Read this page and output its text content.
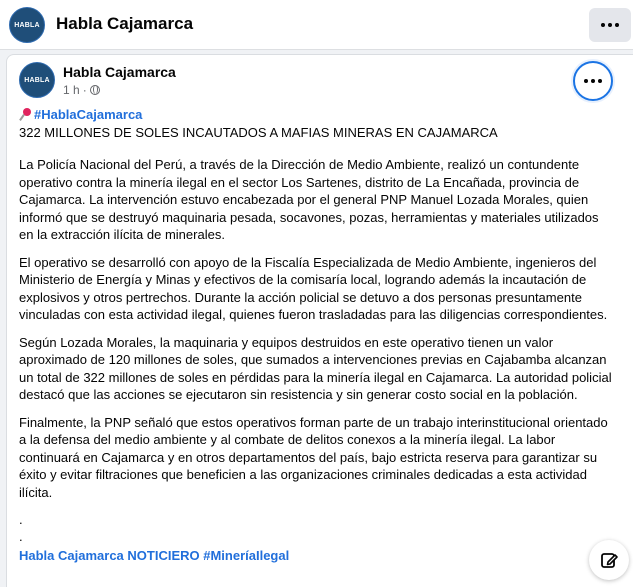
HABLA Habla Cajamarca
HABLA Habla Cajamarca
1 h ·
#HablaCajamarca

322 MILLONES DE SOLES INCAUTADOS A MAFIAS MINERAS EN CAJAMARCA

La Policía Nacional del Perú, a través de la Dirección de Medio Ambiente, realizó un contundente operativo contra la minería ilegal en el sector Los Sartenes, distrito de La Encañada, provincia de Cajamarca. La intervención estuvo encabezada por el general PNP Manuel Lozada Morales, quien informó que se destruyó maquinaria pesada, socavones, pozas, herramientas y materiales utilizados en la extracción ilícita de minerales.

El operativo se desarrolló con apoyo de la Fiscalía Especializada de Medio Ambiente, ingenieros del Ministerio de Energía y Minas y efectivos de la comisaría local, logrando además la incautación de explosivos y otros pertrechos. Durante la acción policial se detuvo a dos personas presuntamente vinculadas con esta actividad ilegal, quienes fueron trasladadas para las diligencias correspondientes.

Según Lozada Morales, la maquinaria y equipos destruidos en este operativo tienen un valor aproximado de 120 millones de soles, que sumados a intervenciones previas en Cajabamba alcanzan un total de 322 millones de soles en pérdidas para la minería ilegal en Cajamarca. La autoridad policial destacó que las acciones se ejecutaron sin resistencia y sin generar costo social en la población.

Finalmente, la PNP señaló que estos operativos forman parte de un trabajo interinstitucional orientado a la defensa del medio ambiente y al combate de delitos conexos a la minería ilegal. La labor continuará en Cajamarca y en otros departamentos del país, bajo estricta reserva para garantizar su éxito y evitar filtraciones que beneficien a las organizaciones criminales dedicadas a esta actividad ilícita.

.

.

Habla Cajamarca NOTICIERO #MineríaIlegal
